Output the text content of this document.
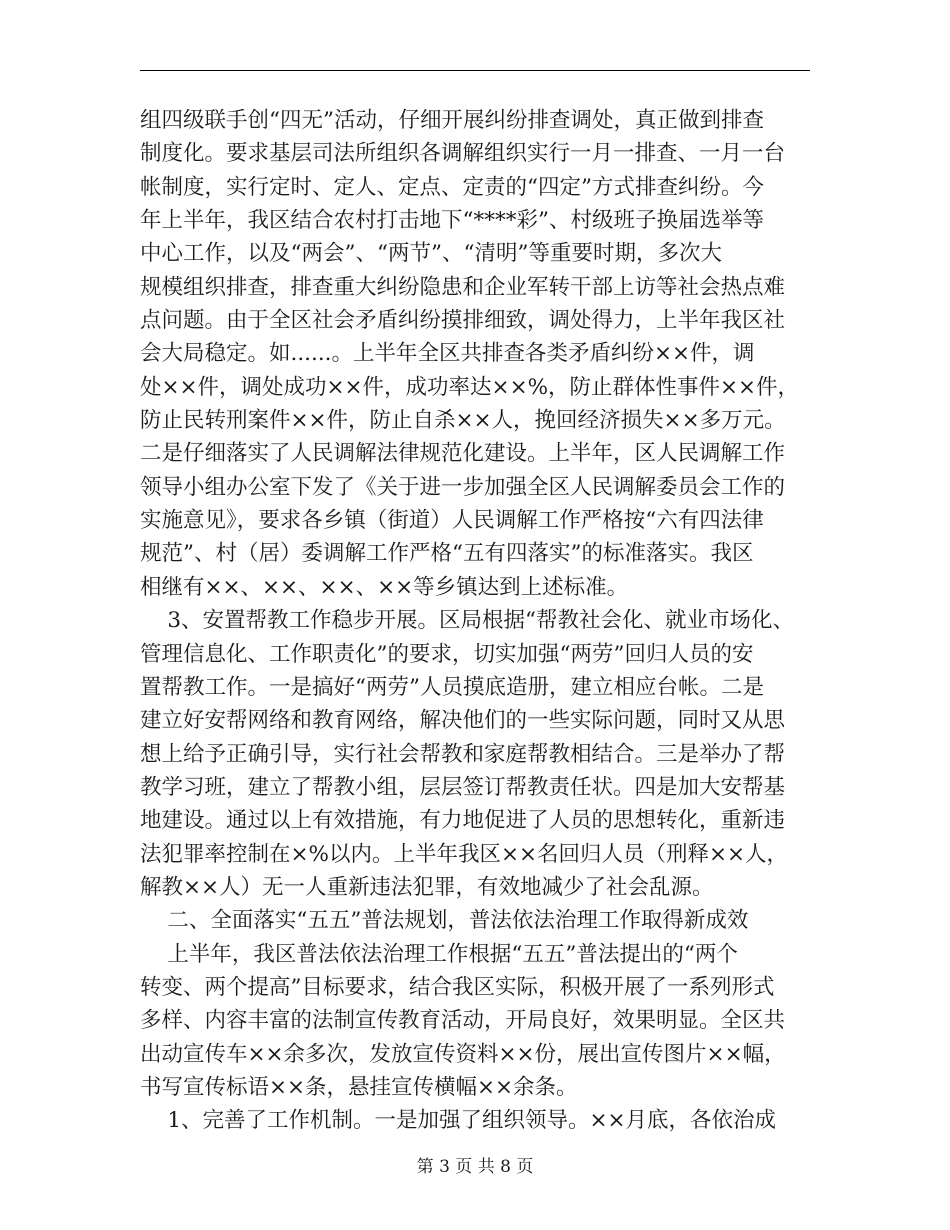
组四级联手创“四无”活动，仔细开展纠纷排查调处，真正做到排查
制度化。要求基层司法所组织各调解组织实行一月一排查、一月一台
帐制度，实行定时、定人、定点、定责的“四定”方式排查纠纷。今
年上半年，我区结合农村打击地下“****彩”、村级班子换届选举等
中心工作，以及“两会”、“两节”、“清明”等重要时期，多次大
规模组织排查，排查重大纠纷隐患和企业军转干部上访等社会热点难
点问题。由于全区社会矛盾纠纷摸排细致，调处得力，上半年我区社
会大局稳定。如......。上半年全区共排查各类矛盾纠纷××件，调
处××件，调处成功××件，成功率达××%，防止群体性事件××件，
防止民转刑案件××件，防止自杀××人，挽回经济损失××多万元。
二是仔细落实了人民调解法律规范化建设。上半年，区人民调解工作
领导小组办公室下发了《关于进一步加强全区人民调解委员会工作的
实施意见》，要求各乡镇（街道）人民调解工作严格按“六有四法律
规范”、村（居）委调解工作严格“五有四落实”的标准落实。我区
相继有××、××、××、××等乡镇达到上述标准。
3、安置帮教工作稳步开展。区局根据“帮教社会化、就业市场化、
管理信息化、工作职责化”的要求，切实加强“两劳”回归人员的安
置帮教工作。一是搞好“两劳”人员摸底造册，建立相应台帐。二是
建立好安帮网络和教育网络，解决他们的一些实际问题，同时又从思
想上给予正确引导，实行社会帮教和家庭帮教相结合。三是举办了帮
教学习班，建立了帮教小组，层层签订帮教责任状。四是加大安帮基
地建设。通过以上有效措施，有力地促进了人员的思想转化，重新违
法犯罪率控制在×%以内。上半年我区××名回归人员（刑释××人，
解教××人）无一人重新违法犯罪，有效地减少了社会乱源。
二、全面落实“五五”普法规划，普法依法治理工作取得新成效
上半年，我区普法依法治理工作根据“五五”普法提出的“两个
转变、两个提高”目标要求，结合我区实际，积极开展了一系列形式
多样、内容丰富的法制宣传教育活动，开局良好，效果明显。全区共
出动宣传车××余多次，发放宣传资料××份，展出宣传图片××幅，
书写宣传标语××条，悬挂宣传横幅××余条。
1、完善了工作机制。一是加强了组织领导。××月底，各依治成
第 3 页 共 8 页
